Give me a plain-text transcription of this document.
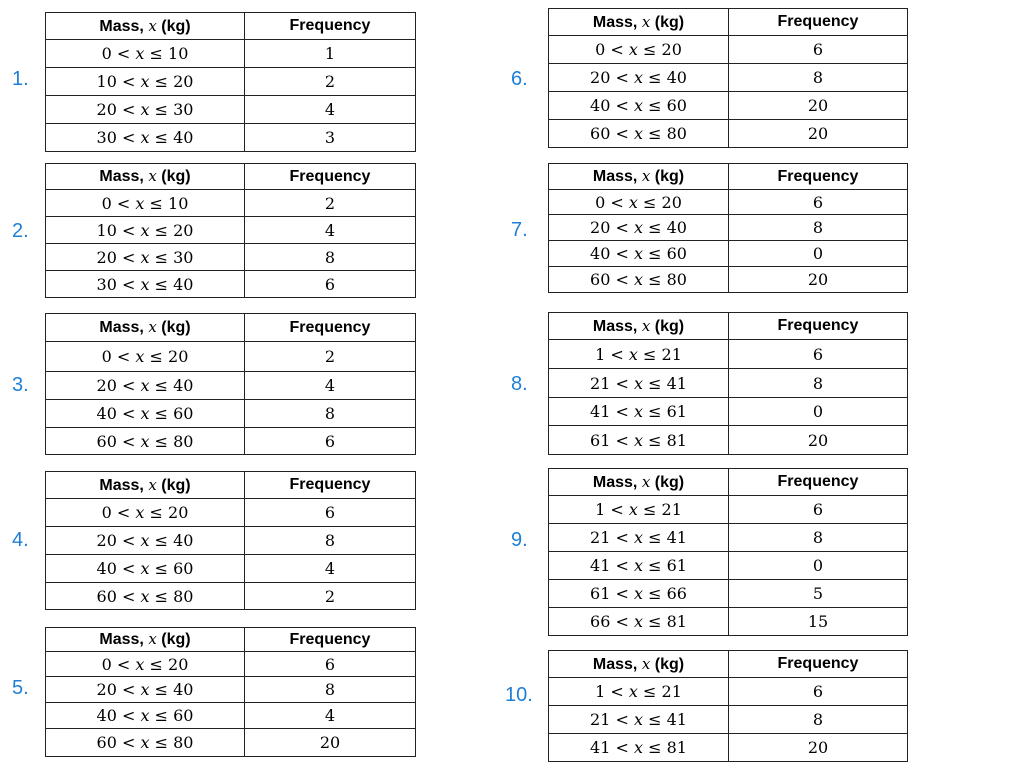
1.
Mass, x (kg)	Frequency
0 < x ≤ 10	1
10 < x ≤ 20	2
20 < x ≤ 30	4
30 < x ≤ 40	3
2.
Mass, x (kg)	Frequency
0 < x ≤ 10	2
10 < x ≤ 20	4
20 < x ≤ 30	8
30 < x ≤ 40	6
3.
Mass, x (kg)	Frequency
0 < x ≤ 20	2
20 < x ≤ 40	4
40 < x ≤ 60	8
60 < x ≤ 80	6
4.
Mass, x (kg)	Frequency
0 < x ≤ 20	6
20 < x ≤ 40	8
40 < x ≤ 60	4
60 < x ≤ 80	2
5.
Mass, x (kg)	Frequency
0 < x ≤ 20	6
20 < x ≤ 40	8
40 < x ≤ 60	4
60 < x ≤ 80	20
6.
Mass, x (kg)	Frequency
0 < x ≤ 20	6
20 < x ≤ 40	8
40 < x ≤ 60	20
60 < x ≤ 80	20
7.
Mass, x (kg)	Frequency
0 < x ≤ 20	6
20 < x ≤ 40	8
40 < x ≤ 60	0
60 < x ≤ 80	20
8.
Mass, x (kg)	Frequency
1 < x ≤ 21	6
21 < x ≤ 41	8
41 < x ≤ 61	0
61 < x ≤ 81	20
9.
Mass, x (kg)	Frequency
1 < x ≤ 21	6
21 < x ≤ 41	8
41 < x ≤ 61	0
61 < x ≤ 66	5
66 < x ≤ 81	15
10.
Mass, x (kg)	Frequency
1 < x ≤ 21	6
21 < x ≤ 41	8
41 < x ≤ 81	20
